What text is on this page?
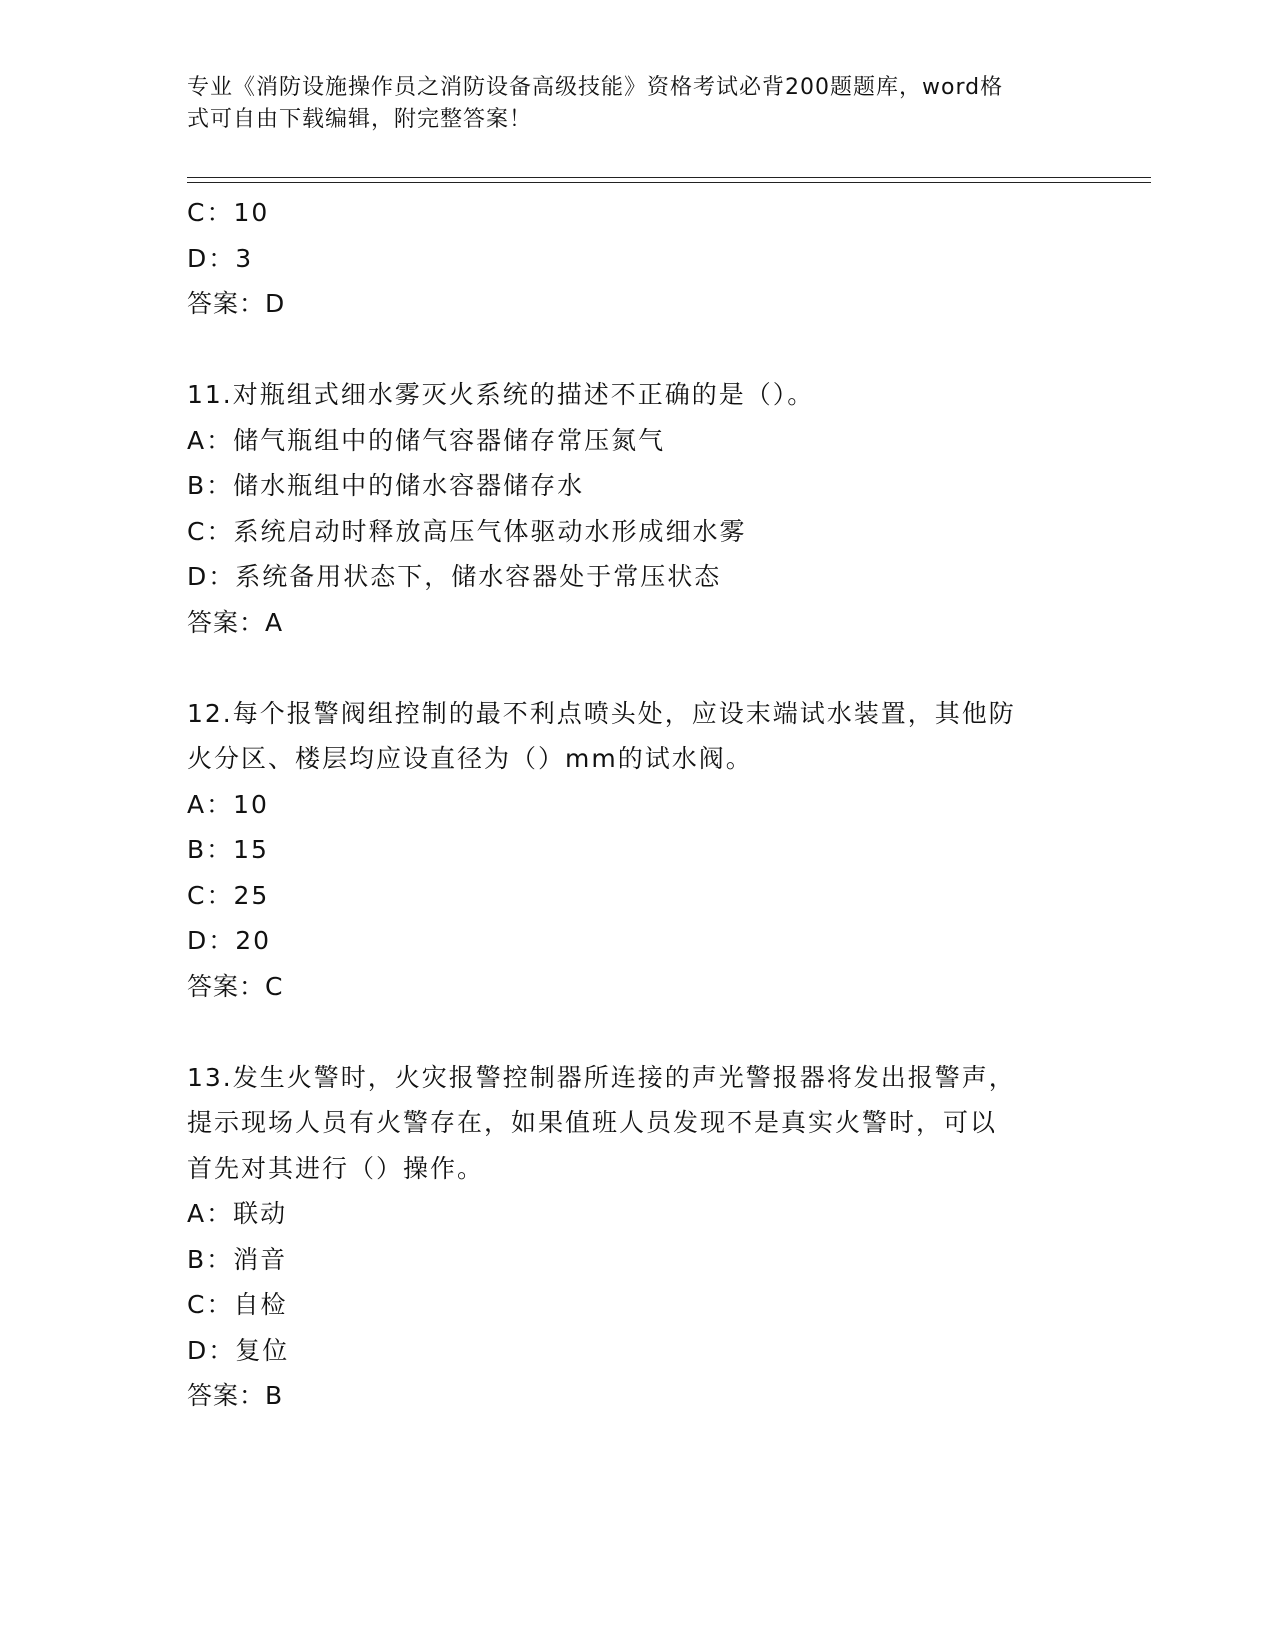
专业《消防设施操作员之消防设备高级技能》资格考试必背200题题库，word格
式可自由下载编辑，附完整答案！
C：10
D：3
答案：D
11.对瓶组式细水雾灭火系统的描述不正确的是（）。
A：储气瓶组中的储气容器储存常压氮气
B：储水瓶组中的储水容器储存水
C：系统启动时释放高压气体驱动水形成细水雾
D：系统备用状态下，储水容器处于常压状态
答案：A
12.每个报警阀组控制的最不利点喷头处，应设末端试水装置，其他防
火分区、楼层均应设直径为（）mm的试水阀。
A：10
B：15
C：25
D：20
答案：C
13.发生火警时，火灾报警控制器所连接的声光警报器将发出报警声，
提示现场人员有火警存在，如果值班人员发现不是真实火警时，可以
首先对其进行（）操作。
A：联动
B：消音
C：自检
D：复位
答案：B
